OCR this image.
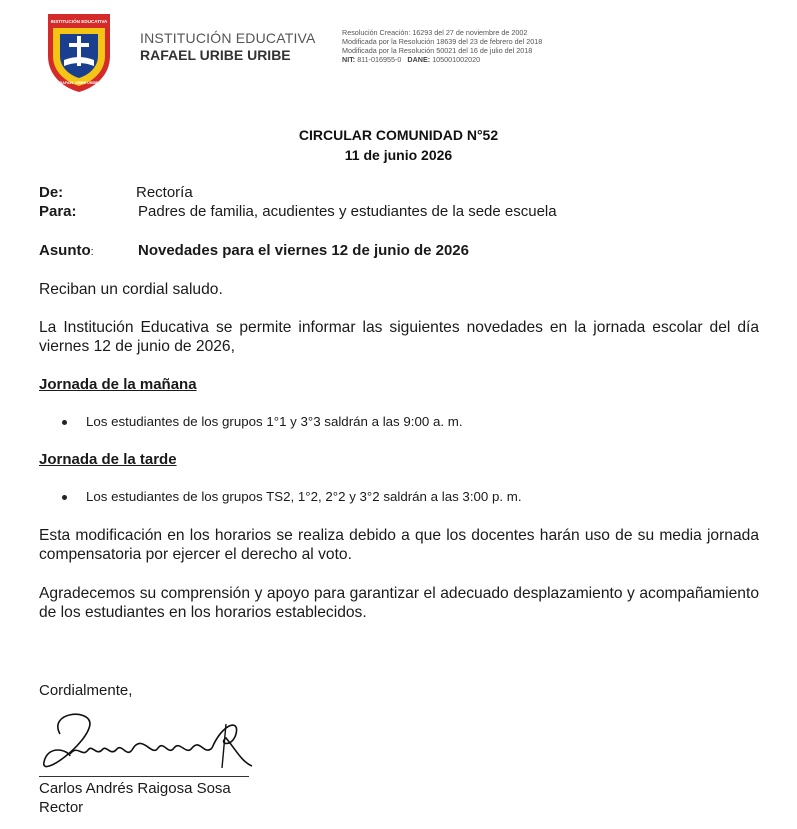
INSTITUCIÓN EDUCATIVA
RAFAEL URIBE URIBE
INSTITUCIÓN EDUCATIVA
RAFAEL URIBE URIBE
Resolución Creación: 16293 del 27 de noviembre de 2002
Modificada por la Resolución 18639 del 23 de febrero del 2018
Modificada por la Resolución 50021 del 16 de julio del 2018
NIT: 811-016955-0 DANE: 105001002020
CIRCULAR COMUNIDAD N°52
11 de junio 2026
De:	Rectoría
Para:	Padres de familia, acudientes y estudiantes de la sede escuela
Asunto:	Novedades para el viernes 12 de junio de 2026
Reciban un cordial saludo.
La Institución Educativa se permite informar las siguientes novedades en la jornada escolar del día viernes 12 de junio de 2026,
Jornada de la mañana
Los estudiantes de los grupos 1°1 y 3°3 saldrán a las 9:00 a. m.
Jornada de la tarde
Los estudiantes de los grupos TS2, 1°2, 2°2 y 3°2 saldrán a las 3:00 p. m.
Esta modificación en los horarios se realiza debido a que los docentes harán uso de su media jornada compensatoria por ejercer el derecho al voto.
Agradecemos su comprensión y apoyo para garantizar el adecuado desplazamiento y acompañamiento de los estudiantes en los horarios establecidos.
Cordialmente,
Carlos Andrés Raigosa Sosa
Rector
